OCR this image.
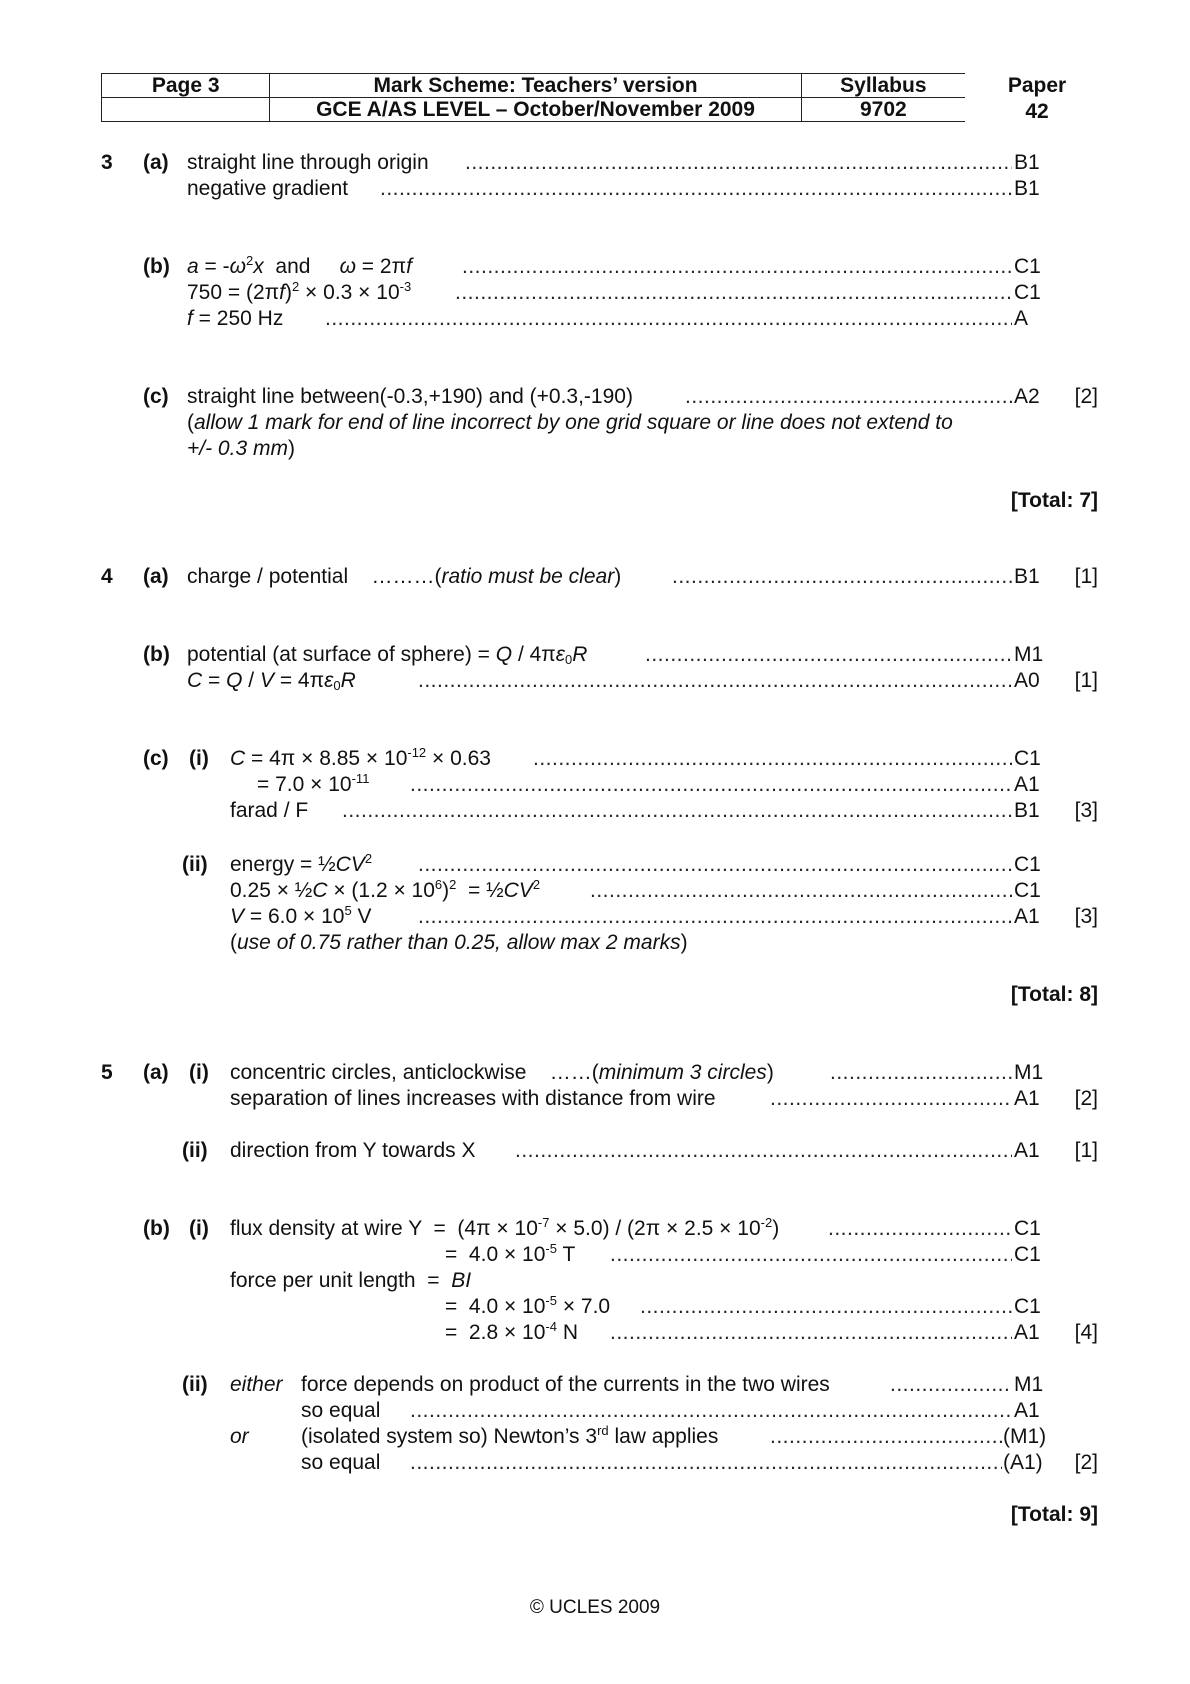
Page 3	Mark Scheme: Teachers’ version	Syllabus
	GCE A/AS LEVEL – October/November 2009	9702
Paper
42
3 (a) straight line through origin .....	B1
negative gradient .....	B1
(b) $a = -\omega^2x$  and     ω = 2πf .....	C1
$750 = (2\pi f)^2 \times 0.3 \times 10^{-3}$ .....	C1
f = 250 Hz .....	A
(c) straight line between(-0.3,+190) and (+0.3,-190) .....	A2 [2]
(allow 1 mark for end of line incorrect by one grid square or line does not extend to
+/- 0.3 mm)
[Total: 7]
4 (a) charge / potential ………(ratio must be clear) .....	B1 [1]
(b) potential (at surface of sphere) = Q / $4\pi\varepsilon_0R$ .....	M1
$C = Q / V = 4\pi\varepsilon_0R$ .....	A0 [1]
(c) (i) $C = 4\pi \times 8.85 \times 10^{-12} \times 0.63$ .....	C1
= $7.0 \times 10^{-11}$ .....	A1
farad / F .....	B1 [3]
(ii) energy = $\frac{1}{2}CV^2$ .....	C1
0.25 × ½C × $(1.2 \times 10^6)^2$  = $\frac{1}{2}CV^2$ .....	C1
$V = 6.0 \times 10^5$ V .....	A1 [3]
(use of 0.75 rather than 0.25, allow max 2 marks)
[Total: 8]
5 (a) (i) concentric circles, anticlockwise ……(minimum 3 circles) .....	M1
separation of lines increases with distance from wire .....	A1 [2]
(ii) direction from Y towards X .....	A1 [1]
(b) (i) flux density at wire $Y = (4\pi \times 10^{-7} \times 5.0) / (2\pi \times 2.5 \times 10^{-2})$ .....	C1
=  $4.0 \times 10^{-5}$ T .....	C1
force per unit length  =  BI
=  $4.0 \times 10^{-5} \times 7.0$ .....	C1
=  $2.8 \times 10^{-4}$ N .....	A1 [4]
(ii) either force depends on product of the currents in the two wires .....	M1
so equal .....	A1
or (isolated system so) Newton’s 3rd law applies .....	(M1)
so equal .....	(A1) [2]
[Total: 9]
© UCLES 2009
